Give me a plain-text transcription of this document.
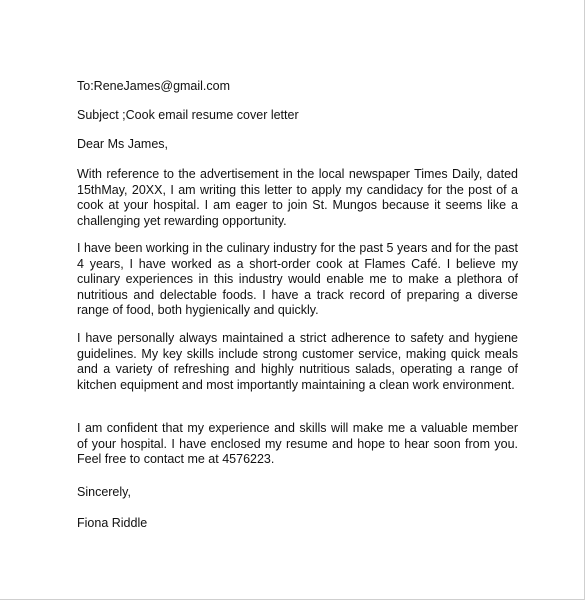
To:ReneJames@gmail.com
Subject ;Cook email resume cover letter
Dear Ms James,

With reference to the advertisement in the local newspaper Times Daily, dated 15thMay, 20XX, I am writing this letter to apply my candidacy for the post of a cook at your hospital. I am eager to join St. Mungos because it seems like a challenging yet rewarding opportunity.

I have been working in the culinary industry for the past 5 years and for the past 4 years, I have worked as a short-order cook at Flames Café. I believe my culinary experiences in this industry would enable me to make a plethora of nutritious and delectable foods. I have a track record of preparing a diverse range of food, both hygienically and quickly.

I have personally always maintained a strict adherence to safety and hygiene guidelines. My key skills include strong customer service, making quick meals and a variety of refreshing and highly nutritious salads, operating a range of kitchen equipment and most importantly maintaining a clean work environment.

I am confident that my experience and skills will make me a valuable member of your hospital. I have enclosed my resume and hope to hear soon from you. Feel free to contact me at 4576223.

Sincerely,
Fiona Riddle
